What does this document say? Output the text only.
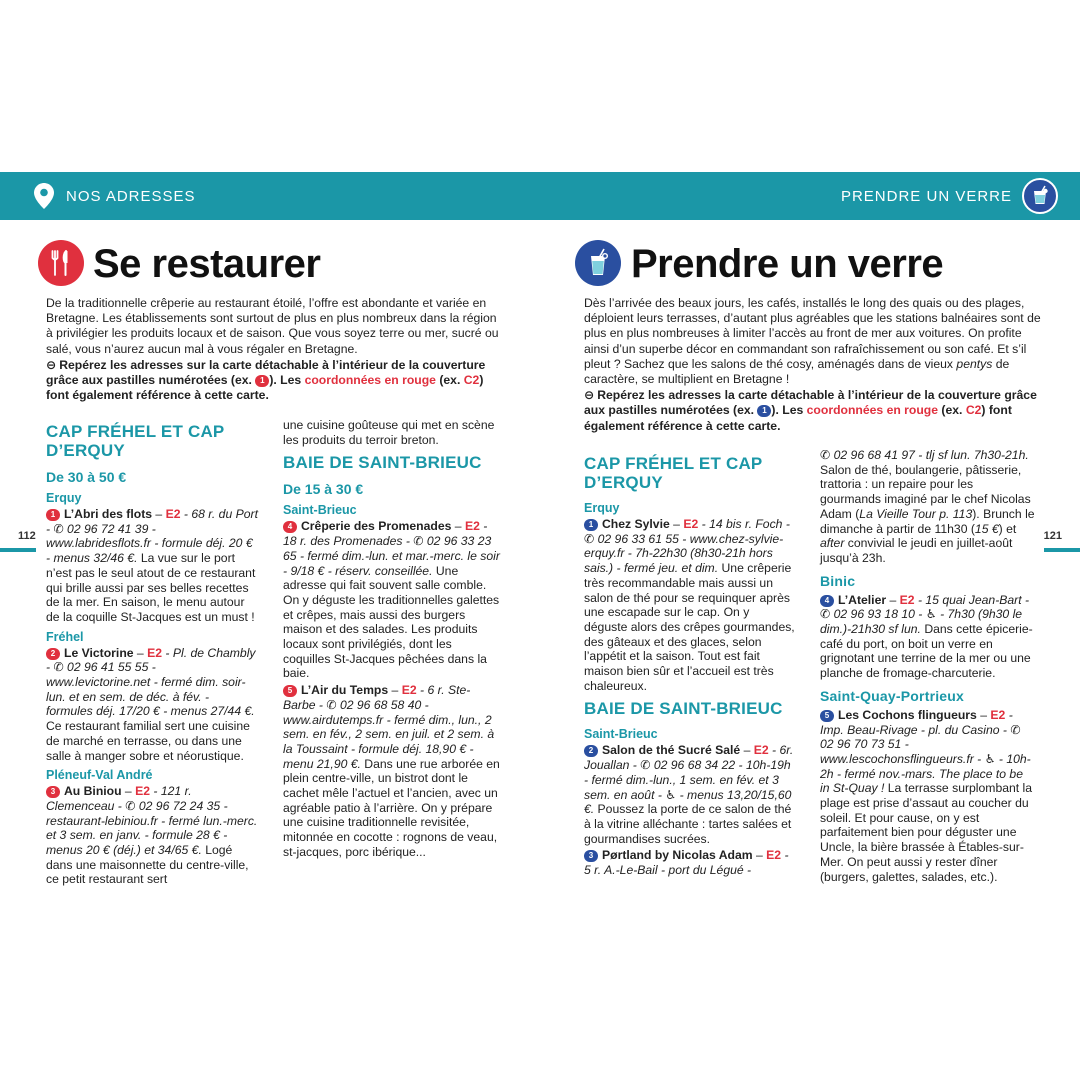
NOS ADRESSES	PRENDRE UN VERRE
112	121
Se restaurer	Prendre un verre

De la traditionnelle crêperie au restaurant étoilé, l’offre est abondante et variée en Bretagne. Les établissements sont surtout de plus en plus nombreux dans la région à privilégier les produits locaux et de saison. Que vous soyez terre ou mer, sucré ou salé, vous n’aurez aucun mal à vous régaler en Bretagne.

⊖ Repérez les adresses sur la carte détachable à l’intérieur de la couverture grâce aux pastilles numérotées (ex. 1 ). Les coordonnées en rouge (ex. C2) font également référence à cette carte.

CAP FRÉHEL ET CAP D’ERQUY
De 30 à 50 €
Erquy

1 L’Abri des flots – E2 - 68 r. du Port - ✆ 02 96 72 41 39 - www.labridesflots.fr - formule déj. 20 € - menus 32/46 €. La vue sur le port n’est pas le seul atout de ce restaurant qui brille aussi par ses belles recettes de la mer. En saison, le menu autour de la coquille St-Jacques est un must !

Fréhel

2 Le Victorine – E2 - Pl. de Chambly - ✆ 02 96 41 55 55 - www.levictorine.net - fermé dim. soir-lun. et en sem. de déc. à fév. - formules déj. 17/20 € - menus 27/44 €. Ce restaurant familial sert une cuisine de marché en terrasse, ou dans une salle à manger sobre et néorustique.

Pléneuf-Val André

3 Au Biniou – E2 - 121 r. Clemenceau - ✆ 02 96 72 24 35 - restaurant-lebiniou.fr - fermé lun.-merc. et 3 sem. en janv. - formule 28 € - menus 20 € (déj.) et 34/65 €. Logé dans une maisonnette du centre-ville, ce petit restaurant sert

une cuisine goûteuse qui met en scène les produits du terroir breton.

BAIE DE SAINT-BRIEUC
De 15 à 30 €
Saint-Brieuc

4 Crêperie des Promenades – E2 - 18 r. des Promenades - ✆ 02 96 33 23 65 - fermé dim.-lun. et mar.-merc. le soir - 9/18 € - réserv. conseillée. Une adresse qui fait souvent salle comble. On y déguste les traditionnelles galettes et crêpes, mais aussi des burgers maison et des salades. Les produits locaux sont privilégiés, dont les coquilles St-Jacques pêchées dans la baie.

5 L’Air du Temps – E2 - 6 r. Ste-Barbe - ✆ 02 96 68 58 40 - www.airdutemps.fr - fermé dim., lun., 2 sem. en fév., 2 sem. en juil. et 2 sem. à la Toussaint - formule déj. 18,90 € - menu 21,90 €. Dans une rue arborée en plein centre-ville, un bistrot dont le cachet mêle l’actuel et l’ancien, avec un agréable patio à l’arrière. On y prépare une cuisine traditionnelle revisitée, mitonnée en cocotte : rognons de veau, st-jacques, porc ibérique...

Dès l’arrivée des beaux jours, les cafés, installés le long des quais ou des plages, déploient leurs terrasses, d’autant plus agréables que les stations balnéaires sont de plus en plus nombreuses à limiter l’accès au front de mer aux voitures. On profite ainsi d’un superbe décor en commandant son rafraîchissement ou son café. Et s’il pleut ? Sachez que les salons de thé cosy, aménagés dans de vieux pentys de caractère, se multiplient en Bretagne !

⊖ Repérez les adresses la carte détachable à l’intérieur de la couverture grâce aux pastilles numérotées (ex. 1 ). Les coordonnées en rouge (ex. C2) font également référence à cette carte.

CAP FRÉHEL ET CAP D’ERQUY
Erquy

1 Chez Sylvie – E2 - 14 bis r. Foch - ✆ 02 96 33 61 55 - www.chez-sylvie-erquy.fr - 7h-22h30 (8h30-21h hors sais.) - fermé jeu. et dim. Une crêperie très recommandable mais aussi un salon de thé pour se requinquer après une escapade sur le cap. On y déguste alors des crêpes gourmandes, des gâteaux et des glaces, selon l’appétit et la saison. Tout est fait maison bien sûr et l’accueil est très chaleureux.

BAIE DE SAINT-BRIEUC
Saint-Brieuc

2 Salon de thé Sucré Salé – E2 - 6r. Jouallan - ✆ 02 96 68 34 22 - 10h-19h - fermé dim.-lun., 1 sem. en fév. et 3 sem. en août - ♿ - menus 13,20/15,60 €. Poussez la porte de ce salon de thé à la vitrine alléchante : tartes salées et gourmandises sucrées.

3 Pørtland by Nicolas Adam – E2 - 5 r. A.-Le-Bail - port du Légué -

✆ 02 96 68 41 97 - tlj sf lun. 7h30-21h. Salon de thé, boulangerie, pâtisserie, trattoria : un repaire pour les gourmands imaginé par le chef Nicolas Adam (La Vieille Tour p. 113). Brunch le dimanche à partir de 11h30 (15 €) et after convivial le jeudi en juillet-août jusqu’à 23h.

Binic

4 L’Atelier – E2 - 15 quai Jean-Bart - ✆ 02 96 93 18 10 - ♿ - 7h30 (9h30 le dim.)-21h30 sf lun. Dans cette épicerie-café du port, on boit un verre en grignotant une terrine de la mer ou une planche de fromage-charcuterie.

Saint-Quay-Portrieux

5 Les Cochons flingueurs – E2 - Imp. Beau-Rivage - pl. du Casino - ✆ 02 96 70 73 51 - www.lescochonsflingueurs.fr - ♿ - 10h-2h - fermé nov.-mars. The place to be in St-Quay ! La terrasse surplombant la plage est prise d’assaut au coucher du soleil. Et pour cause, on y est parfaitement bien pour déguster une Uncle, la bière brassée à Étables-sur-Mer. On peut aussi y rester dîner (burgers, galettes, salades, etc.).
